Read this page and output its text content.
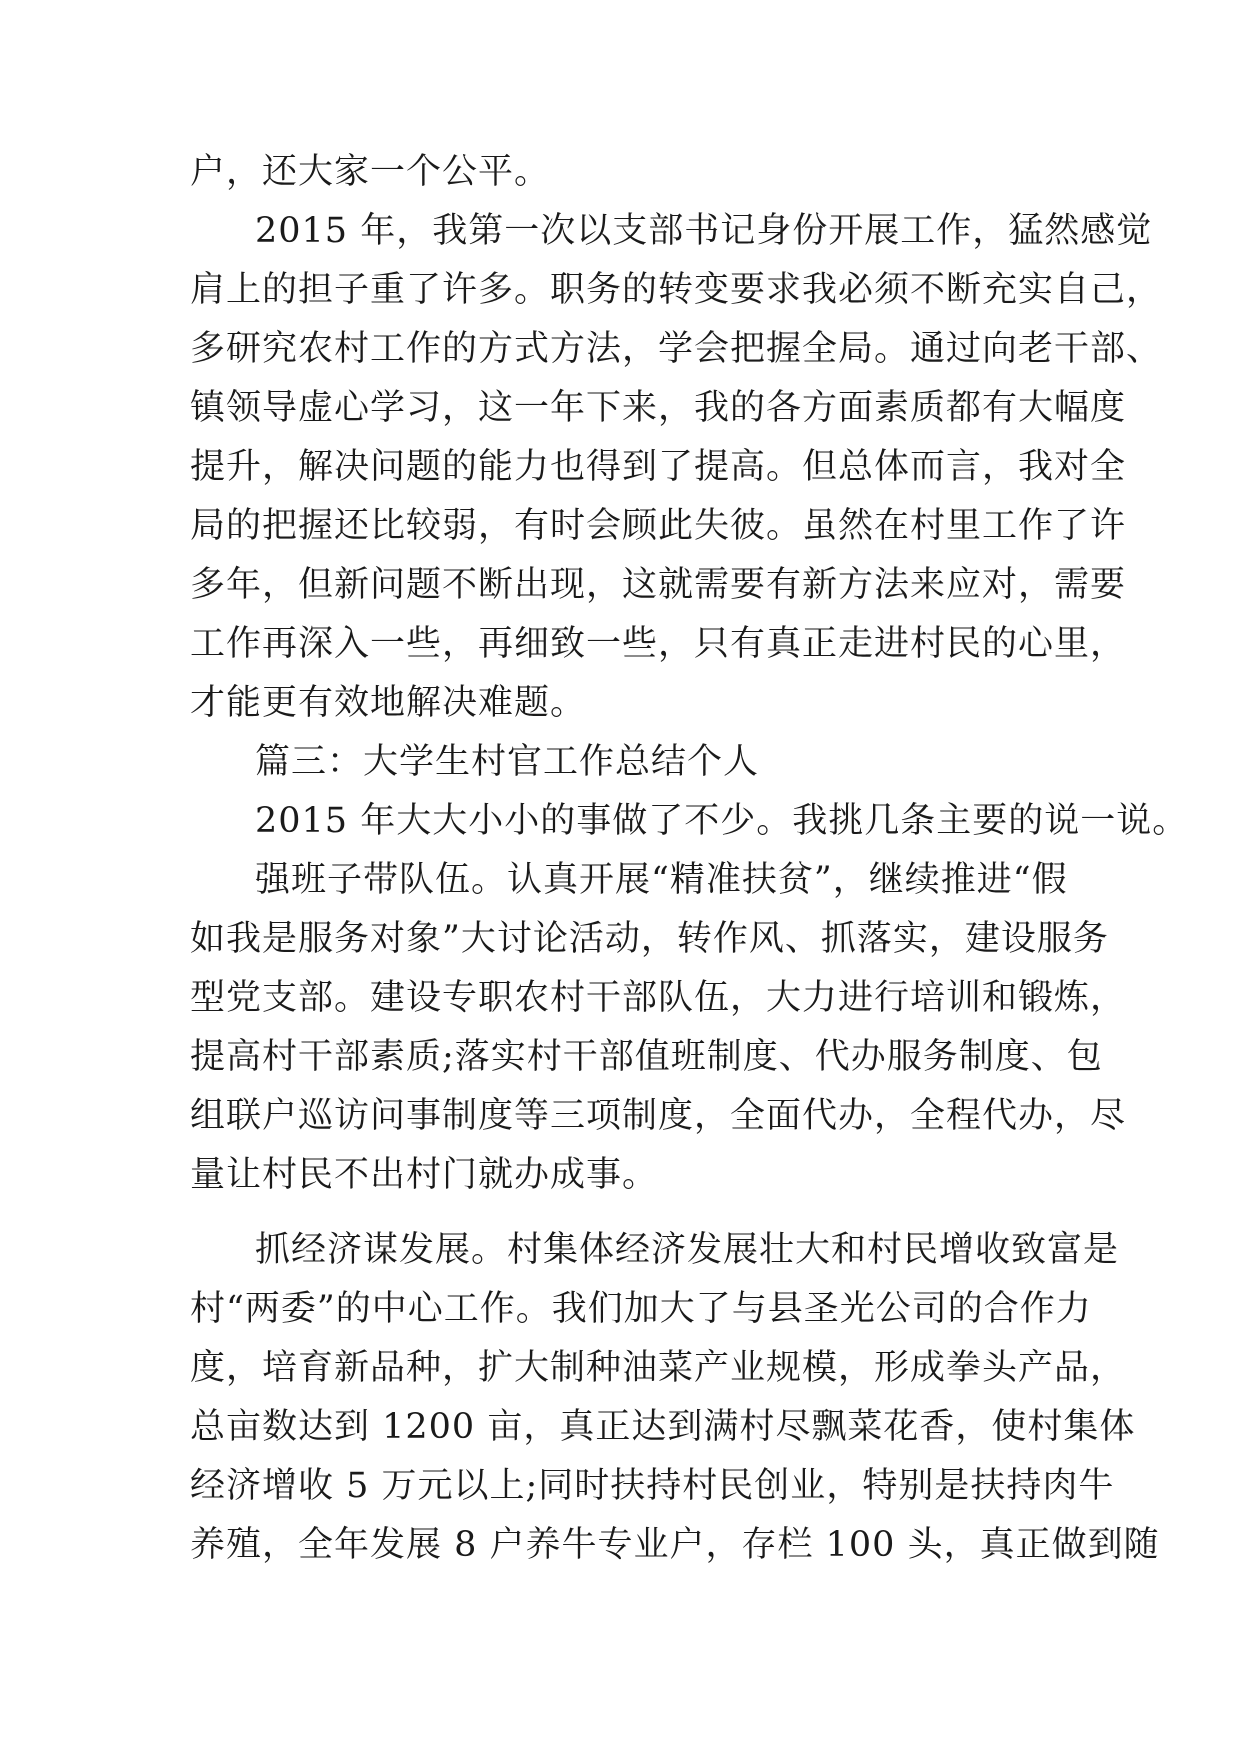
户，还大家一个公平。
2015 年，我第一次以支部书记身份开展工作，猛然感觉
肩上的担子重了许多。职务的转变要求我必须不断充实自己，
多研究农村工作的方式方法，学会把握全局。通过向老干部、
镇领导虚心学习，这一年下来，我的各方面素质都有大幅度
提升，解决问题的能力也得到了提高。但总体而言，我对全
局的把握还比较弱，有时会顾此失彼。虽然在村里工作了许
多年，但新问题不断出现，这就需要有新方法来应对，需要
工作再深入一些，再细致一些，只有真正走进村民的心里，
才能更有效地解决难题。
篇三：大学生村官工作总结个人
2015 年大大小小的事做了不少。我挑几条主要的说一说。
强班子带队伍。认真开展“精准扶贫”，继续推进“假
如我是服务对象”大讨论活动，转作风、抓落实，建设服务
型党支部。建设专职农村干部队伍，大力进行培训和锻炼，
提高村干部素质;落实村干部值班制度、代办服务制度、包
组联户巡访问事制度等三项制度，全面代办，全程代办，尽
量让村民不出村门就办成事。
抓经济谋发展。村集体经济发展壮大和村民增收致富是
村“两委”的中心工作。我们加大了与县圣光公司的合作力
度，培育新品种，扩大制种油菜产业规模，形成拳头产品，
总亩数达到 1200 亩，真正达到满村尽飘菜花香，使村集体
经济增收 5 万元以上;同时扶持村民创业，特别是扶持肉牛
养殖，全年发展 8 户养牛专业户，存栏 100 头，真正做到随
